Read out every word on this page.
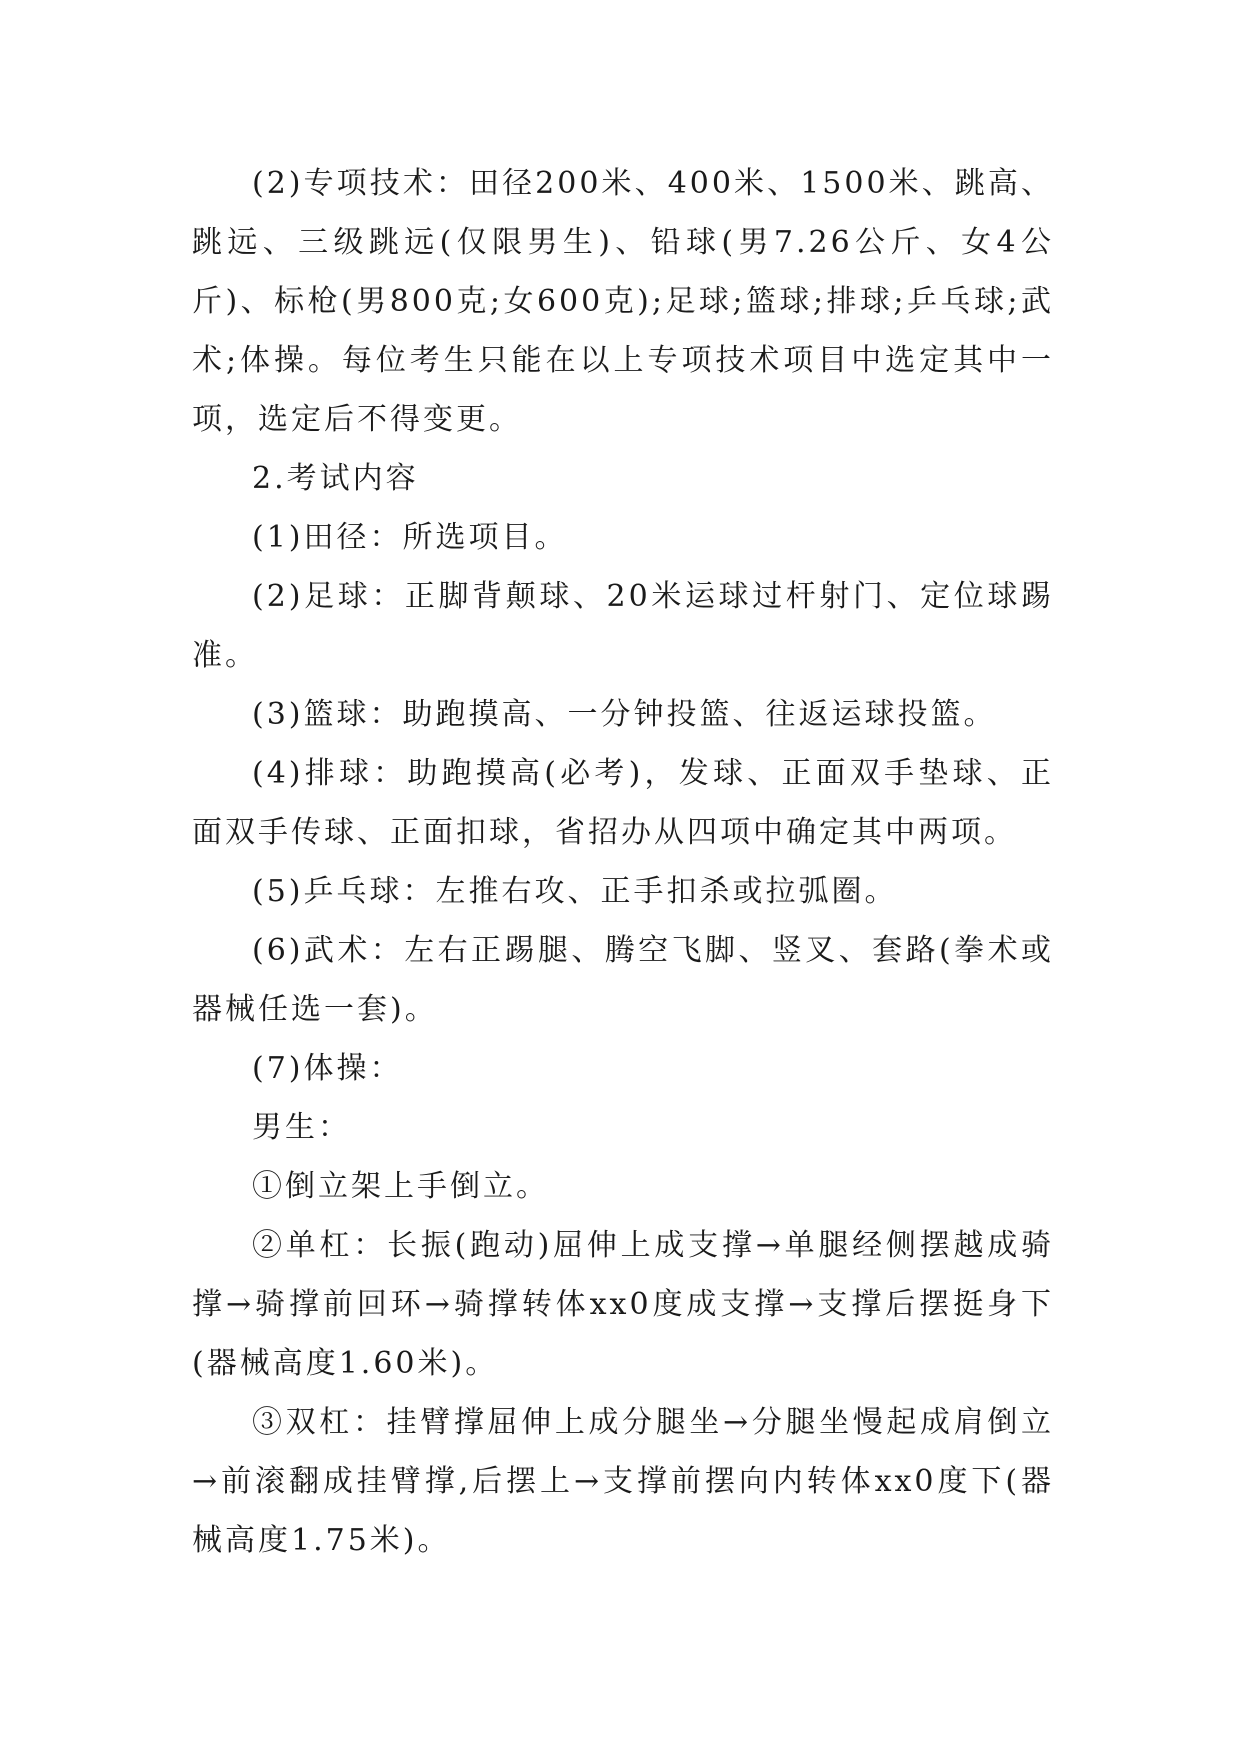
(2)专项技术：田径200米、400米、1500米、跳高、跳远、三级跳远(仅限男生)、铅球(男7.26公斤、女4公斤)、标枪(男800克;女600克);足球;篮球;排球;乒乓球;武术;体操。每位考生只能在以上专项技术项目中选定其中一项，选定后不得变更。

2.考试内容

(1)田径：所选项目。

(2)足球：正脚背颠球、20米运球过杆射门、定位球踢准。

(3)篮球：助跑摸高、一分钟投篮、往返运球投篮。

(4)排球：助跑摸高(必考)，发球、正面双手垫球、正面双手传球、正面扣球，省招办从四项中确定其中两项。

(5)乒乓球：左推右攻、正手扣杀或拉弧圈。

(6)武术：左右正踢腿、腾空飞脚、竖叉、套路(拳术或器械任选一套)。

(7)体操：

男生：

①倒立架上手倒立。

②单杠：长振(跑动)屈伸上成支撑→单腿经侧摆越成骑撑→骑撑前回环→骑撑转体xx0度成支撑→支撑后摆挺身下(器械高度1.60米)。

③双杠：挂臂撑屈伸上成分腿坐→分腿坐慢起成肩倒立→前滚翻成挂臂撑,后摆上→支撑前摆向内转体xx0度下(器械高度1.75米)。
